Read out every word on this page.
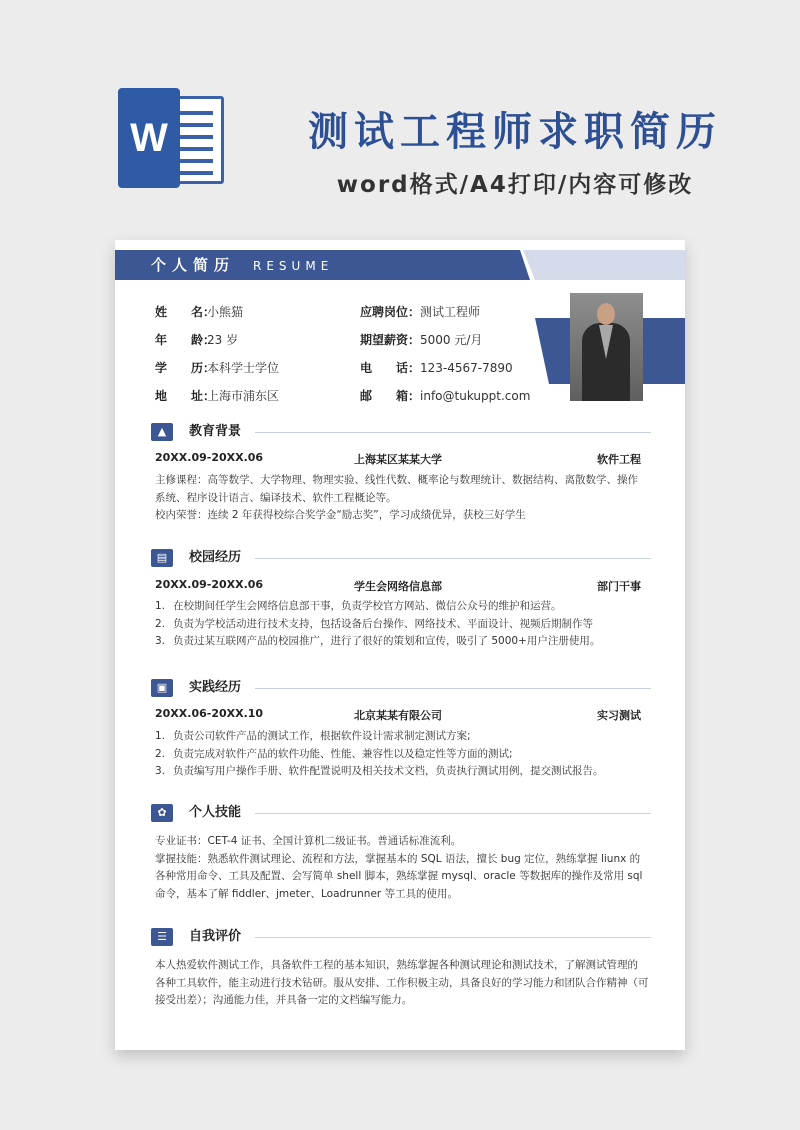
W	测试工程师求职简历
word格式/A4打印/内容可修改
个人简历 RESUME
姓　　名：小熊猫
年　　龄：23 岁
学　　历：本科学士学位
地　　址：上海市浦东区
应聘岗位：测试工程师
期望薪资：5000 元/月
电　　话：123-4567-7890
邮　　箱：info@tukuppt.com
▲	教育背景
20XX.09-20XX.06	上海某区某某大学	软件工程

主修课程：高等数学、大学物理、物理实验、线性代数、概率论与数理统计、数据结构、离散数学、操作

系统、程序设计语言、编译技术、软件工程概论等。

校内荣誉：连续 2 年获得校综合奖学金“励志奖”，学习成绩优异，获校三好学生

▤	校园经历
20XX.09-20XX.06	学生会网络信息部	部门干事

1. 在校期间任学生会网络信息部干事，负责学校官方网站、微信公众号的维护和运营。

2. 负责为学校活动进行技术支持，包括设备后台操作、网络技术、平面设计、视频后期制作等

3. 负责过某互联网产品的校园推广，进行了很好的策划和宣传，吸引了 5000+用户注册使用。

▣	实践经历
20XX.06-20XX.10	北京某某有限公司	实习测试

1. 负责公司软件产品的测试工作，根据软件设计需求制定测试方案;

2. 负责完成对软件产品的软件功能、性能、兼容性以及稳定性等方面的测试;

3. 负责编写用户操作手册、软件配置说明及相关技术文档，负责执行测试用例，提交测试报告。

✿	个人技能

专业证书：CET-4 证书、全国计算机二级证书。普通话标准流利。

掌握技能：熟悉软件测试理论、流程和方法，掌握基本的 SQL 语法，擅长 bug 定位，熟练掌握 liunx 的

各种常用命令、工具及配置、会写简单 shell 脚本，熟练掌握 mysql、oracle 等数据库的操作及常用 sql

命令，基本了解 fiddler、jmeter、Loadrunner 等工具的使用。

☰	自我评价

本人热爱软件测试工作，具备软件工程的基本知识，熟练掌握各种测试理论和测试技术，了解测试管理的

各种工具软件，能主动进行技术钻研。服从安排、工作积极主动，具备良好的学习能力和团队合作精神（可

接受出差）；沟通能力佳，并具备一定的文档编写能力。
